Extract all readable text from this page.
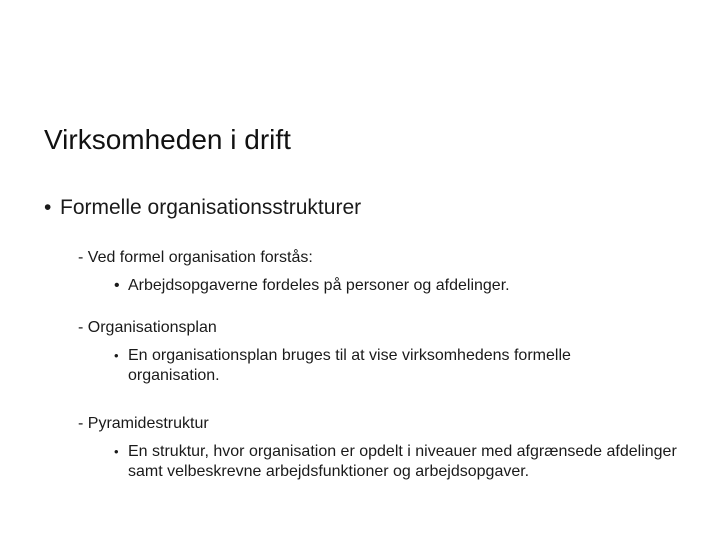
Virksomheden i drift
• Formelle organisationsstrukturer
- Ved formel organisation forstås:
• Arbejdsopgaverne fordeles på personer og afdelinger.
- Organisationsplan
• En organisationsplan bruges til at vise virksomhedens formelle organisation.
- Pyramidestruktur
• En struktur, hvor organisation er opdelt i niveauer med afgrænsede afdelinger samt velbeskrevne arbejdsfunktioner og arbejdsopgaver.
